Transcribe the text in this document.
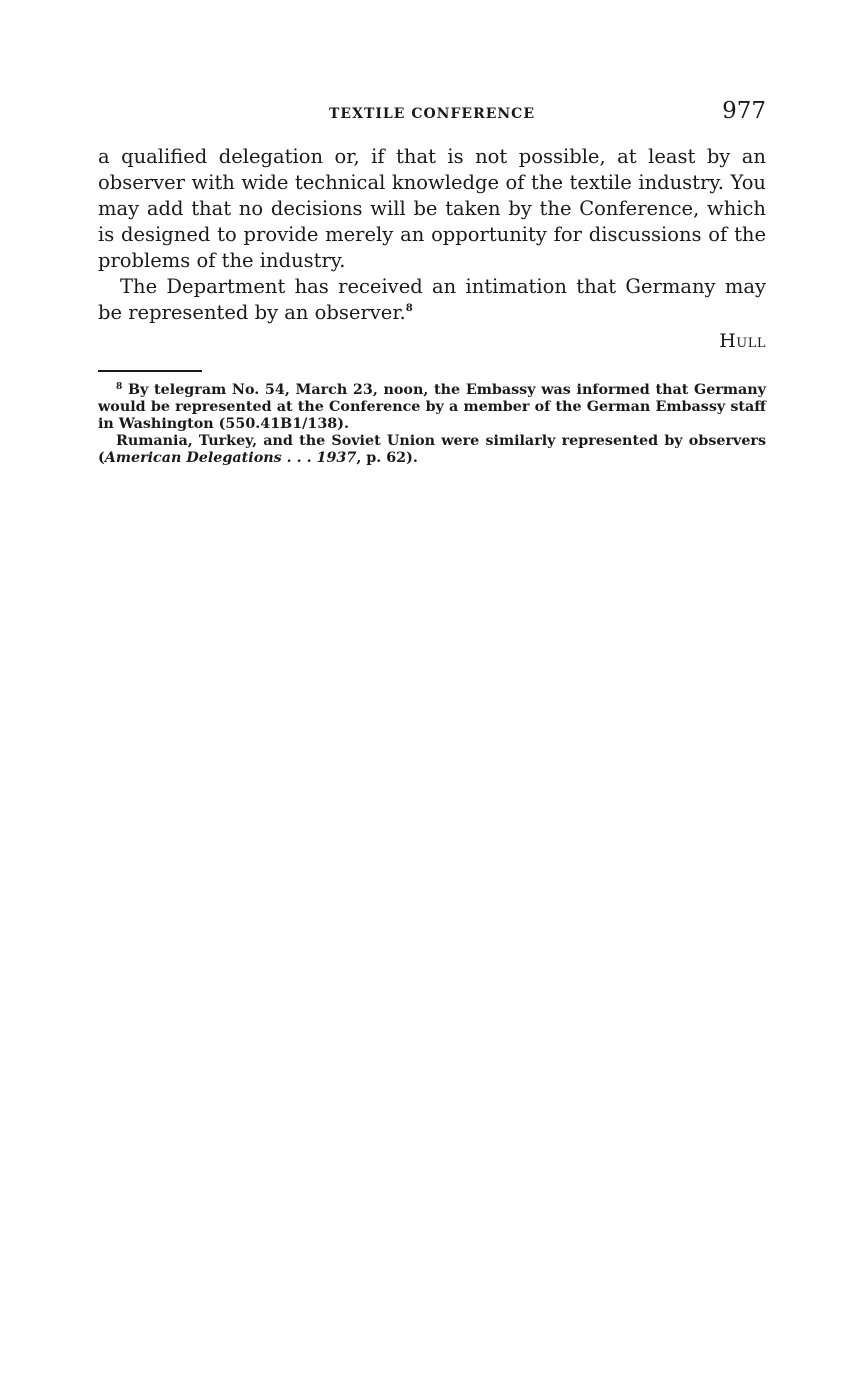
TEXTILE CONFERENCE	977

a qualified delegation or, if that is not possible, at least by an observer with wide technical knowledge of the textile industry. You may add that no decisions will be taken by the Conference, which is designed to provide merely an opportunity for discussions of the problems of the industry.

The Department has received an intimation that Germany may be represented by an observer.$^8$

Hull

$^8$ By telegram No. 54, March 23, noon, the Embassy was informed that Germany would be represented at the Conference by a member of the German Embassy staff in Washington (550.41B1/138).

Rumania, Turkey, and the Soviet Union were similarly represented by observers (American Delegations . . . 1937, p. 62).
